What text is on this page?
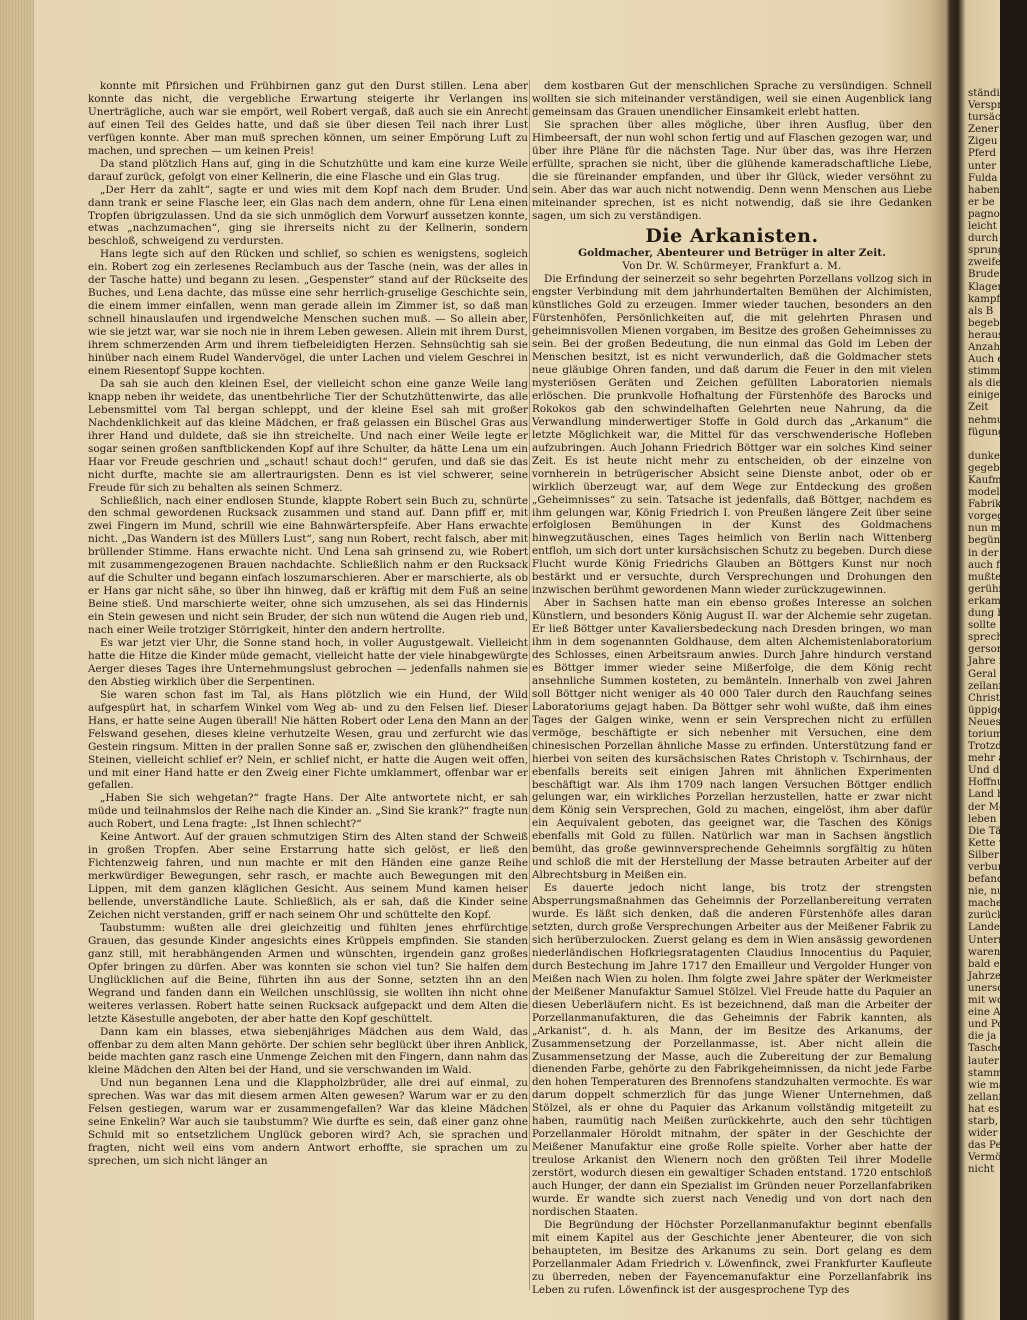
konnte mit Pfirsichen und Frühbirnen ganz gut den Durst stillen. Lena aber konnte das nicht, die vergebliche Erwartung steigerte ihr Verlangen ins Unerträgliche, auch war sie empört, weil Robert vergaß, daß auch sie ein Anrecht auf einen Teil des Geldes hatte, und daß sie über diesen Teil nach ihrer Lust verfügen konnte. Aber man muß sprechen können, um seiner Empörung Luft zu machen, und sprechen — um keinen Preis!

Da stand plötzlich Hans auf, ging in die Schutzhütte und kam eine kurze Weile darauf zurück, gefolgt von einer Kellnerin, die eine Flasche und ein Glas trug.

„Der Herr da zahlt“, sagte er und wies mit dem Kopf nach dem Bruder. Und dann trank er seine Flasche leer, ein Glas nach dem andern, ohne für Lena einen Tropfen übrigzulassen. Und da sie sich unmöglich dem Vorwurf aussetzen konnte, etwas „nachzumachen“, ging sie ihrerseits nicht zu der Kellnerin, sondern beschloß, schweigend zu verdursten.

Hans legte sich auf den Rücken und schlief, so schien es wenigstens, sogleich ein. Robert zog ein zerlesenes Reclambuch aus der Tasche (nein, was der alles in der Tasche hatte) und begann zu lesen. „Gespenster“ stand auf der Rückseite des Buches, und Lena dachte, das müsse eine sehr herrlich-gruselige Geschichte sein, die einem immer einfallen, wenn man gerade allein im Zimmer ist, so daß man schnell hinauslaufen und irgendwelche Menschen suchen muß. — So allein aber, wie sie jetzt war, war sie noch nie in ihrem Leben gewesen. Allein mit ihrem Durst, ihrem schmerzenden Arm und ihrem tiefbeleidigten Herzen. Sehnsüchtig sah sie hinüber nach einem Rudel Wandervögel, die unter Lachen und vielem Geschrei in einem Riesentopf Suppe kochten.

Da sah sie auch den kleinen Esel, der vielleicht schon eine ganze Weile lang knapp neben ihr weidete, das unentbehrliche Tier der Schutzhüttenwirte, das alle Lebensmittel vom Tal bergan schleppt, und der kleine Esel sah mit großer Nachdenklichkeit auf das kleine Mädchen, er fraß gelassen ein Büschel Gras aus ihrer Hand und duldete, daß sie ihn streichelte. Und nach einer Weile legte er sogar seinen großen sanftblickenden Kopf auf ihre Schulter, da hätte Lena um ein Haar vor Freude geschrien und „schaut! schaut doch!“ gerufen, und daß sie das nicht durfte, machte sie am allertraurigsten. Denn es ist viel schwerer, seine Freude für sich zu behalten als seinen Schmerz.

Schließlich, nach einer endlosen Stunde, klappte Robert sein Buch zu, schnürte den schmal gewordenen Rucksack zusammen und stand auf. Dann pfiff er, mit zwei Fingern im Mund, schrill wie eine Bahnwärterspfeife. Aber Hans erwachte nicht. „Das Wandern ist des Müllers Lust“, sang nun Robert, recht falsch, aber mit brüllender Stimme. Hans erwachte nicht. Und Lena sah grinsend zu, wie Robert mit zusammengezogenen Brauen nachdachte. Schließlich nahm er den Rucksack auf die Schulter und begann einfach loszumarschieren. Aber er marschierte, als ob er Hans gar nicht sähe, so über ihn hinweg, daß er kräftig mit dem Fuß an seine Beine stieß. Und marschierte weiter, ohne sich umzusehen, als sei das Hindernis ein Stein gewesen und nicht sein Bruder, der sich nun wütend die Augen rieb und, nach einer Weile trotziger Störrigkeit, hinter den andern hertrollte.

Es war jetzt vier Uhr, die Sonne stand hoch, in voller Augustgewalt. Vielleicht hatte die Hitze die Kinder müde gemacht, vielleicht hatte der viele hinabgewürgte Aerger dieses Tages ihre Unternehmungslust gebrochen — jedenfalls nahmen sie den Abstieg wirklich über die Serpentinen.

Sie waren schon fast im Tal, als Hans plötzlich wie ein Hund, der Wild aufgespürt hat, in scharfem Winkel vom Weg ab- und zu den Felsen lief. Dieser Hans, er hatte seine Augen überall! Nie hätten Robert oder Lena den Mann an der Felswand gesehen, dieses kleine verhutzelte Wesen, grau und zerfurcht wie das Gestein ringsum. Mitten in der prallen Sonne saß er, zwischen den glühendheißen Steinen, vielleicht schlief er? Nein, er schlief nicht, er hatte die Augen weit offen, und mit einer Hand hatte er den Zweig einer Fichte umklammert, offenbar war er gefallen.

„Haben Sie sich wehgetan?“ fragte Hans. Der Alte antwortete nicht, er sah müde und teilnahmslos der Reihe nach die Kinder an. „Sind Sie krank?“ fragte nun auch Robert, und Lena fragte: „Ist Ihnen schlecht?“

Keine Antwort. Auf der grauen schmutzigen Stirn des Alten stand der Schweiß in großen Tropfen. Aber seine Erstarrung hatte sich gelöst, er ließ den Fichtenzweig fahren, und nun machte er mit den Händen eine ganze Reihe merkwürdiger Bewegungen, sehr rasch, er machte auch Bewegungen mit den Lippen, mit dem ganzen kläglichen Gesicht. Aus seinem Mund kamen heiser bellende, unverständliche Laute. Schließlich, als er sah, daß die Kinder seine Zeichen nicht verstanden, griff er nach seinem Ohr und schüttelte den Kopf.

Taubstumm: wußten alle drei gleichzeitig und fühlten jenes ehrfürchtige Grauen, das gesunde Kinder angesichts eines Krüppels empfinden. Sie standen ganz still, mit herabhängenden Armen und wünschten, irgendein ganz großes Opfer bringen zu dürfen. Aber was konnten sie schon viel tun? Sie halfen dem Unglücklichen auf die Beine, führten ihn aus der Sonne, setzten ihn an den Wegrand und fanden dann ein Weilchen unschlüssig, sie wollten ihn nicht ohne weiteres verlassen. Robert hatte seinen Rucksack aufgepackt und dem Alten die letzte Käsestulle angeboten, der aber hatte den Kopf geschüttelt.

Dann kam ein blasses, etwa siebenjähriges Mädchen aus dem Wald, das offenbar zu dem alten Mann gehörte. Der schien sehr beglückt über ihren Anblick, beide machten ganz rasch eine Unmenge Zeichen mit den Fingern, dann nahm das kleine Mädchen den Alten bei der Hand, und sie verschwanden im Wald.

Und nun begannen Lena und die Klappholzbrüder, alle drei auf einmal, zu sprechen. Was war das mit diesem armen Alten gewesen? Warum war er zu den Felsen gestiegen, warum war er zusammengefallen? War das kleine Mädchen seine Enkelin? War auch sie taubstumm? Wie durfte es sein, daß einer ganz ohne Schuld mit so entsetzlichem Unglück geboren wird? Ach, sie sprachen und fragten, nicht weil eins vom andern Antwort erhoffte, sie sprachen um zu sprechen, um sich nicht länger an

dem kostbaren Gut der menschlichen Sprache zu versündigen. Schnell wollten sie sich miteinander verständigen, weil sie einen Augenblick lang gemeinsam das Grauen unendlicher Einsamkeit erlebt hatten.

Sie sprachen über alles mögliche, über ihren Ausflug, über den Himbeersaft, der nun wohl schon fertig und auf Flaschen gezogen war, und über ihre Pläne für die nächsten Tage. Nur über das, was ihre Herzen erfüllte, sprachen sie nicht, über die glühende kameradschaftliche Liebe, die sie füreinander empfanden, und über ihr Glück, wieder versöhnt zu sein. Aber das war auch nicht notwendig. Denn wenn Menschen aus Liebe miteinander sprechen, ist es nicht notwendig, daß sie ihre Gedanken sagen, um sich zu verständigen.

Die Arkanisten.

Goldmacher, Abenteurer und Betrüger in alter Zeit.

Von Dr. W. Schürmeyer, Frankfurt a. M.

Die Erfindung der seinerzeit so sehr begehrten Porzellans vollzog sich in engster Verbindung mit dem jahrhundertalten Bemühen der Alchimisten, künstliches Gold zu erzeugen. Immer wieder tauchen, besonders an den Fürstenhöfen, Persönlichkeiten auf, die mit gelehrten Phrasen und geheimnisvollen Mienen vorgaben, im Besitze des großen Geheimnisses zu sein. Bei der großen Bedeutung, die nun einmal das Gold im Leben der Menschen besitzt, ist es nicht verwunderlich, daß die Goldmacher stets neue gläubige Ohren fanden, und daß darum die Feuer in den mit vielen mysteriösen Geräten und Zeichen gefüllten Laboratorien niemals erlöschen. Die prunkvolle Hofhaltung der Fürstenhöfe des Barocks und Rokokos gab den schwindelhaften Gelehrten neue Nahrung, da die Verwandlung minderwertiger Stoffe in Gold durch das „Arkanum“ die letzte Möglichkeit war, die Mittel für das verschwenderische Hofleben aufzubringen. Auch Johann Friedrich Böttger war ein solches Kind seiner Zeit. Es ist heute nicht mehr zu entscheiden, ob der einzelne von vornherein in betrügerischer Absicht seine Dienste anbot, oder ob er wirklich überzeugt war, auf dem Wege zur Entdeckung des großen „Geheimnisses“ zu sein. Tatsache ist jedenfalls, daß Böttger, nachdem es ihm gelungen war, König Friedrich I. von Preußen längere Zeit über seine erfolglosen Bemühungen in der Kunst des Goldmachens hinwegzutäuschen, eines Tages heimlich von Berlin nach Wittenberg entfloh, um sich dort unter kursächsischen Schutz zu begeben. Durch diese Flucht wurde König Friedrichs Glauben an Böttgers Kunst nur noch bestärkt und er versuchte, durch Versprechungen und Drohungen den inzwischen berühmt gewordenen Mann wieder zurückzugewinnen.

Aber in Sachsen hatte man ein ebenso großes Interesse an solchen Künstlern, und besonders König August II. war der Alchemie sehr zugetan. Er ließ Böttger unter Kavaliersbedeckung nach Dresden bringen, wo man ihm in dem sogenannten Goldhause, dem alten Alchemistenlaboratorium des Schlosses, einen Arbeitsraum anwies. Durch Jahre hindurch verstand es Böttger immer wieder seine Mißerfolge, die dem König recht ansehnliche Summen kosteten, zu bemänteln. Innerhalb von zwei Jahren soll Böttger nicht weniger als 40 000 Taler durch den Rauchfang seines Laboratoriums gejagt haben. Da Böttger sehr wohl wußte, daß ihm eines Tages der Galgen winke, wenn er sein Versprechen nicht zu erfüllen vermöge, beschäftigte er sich nebenher mit Versuchen, eine dem chinesischen Porzellan ähnliche Masse zu erfinden. Unterstützung fand er hierbei von seiten des kursächsischen Rates Christoph v. Tschirnhaus, der ebenfalls bereits seit einigen Jahren mit ähnlichen Experimenten beschäftigt war. Als ihm 1709 nach langen Versuchen Böttger endlich gelungen war, ein wirkliches Porzellan herzustellen, hatte er zwar nicht dem König sein Versprechen, Gold zu machen, eingelöst, ihm aber dafür ein Aequivalent geboten, das geeignet war, die Taschen des Königs ebenfalls mit Gold zu füllen. Natürlich war man in Sachsen ängstlich bemüht, das große gewinnversprechende Geheimnis sorgfältig zu hüten und schloß die mit der Herstellung der Masse betrauten Arbeiter auf der Albrechtsburg in Meißen ein.

Es dauerte jedoch nicht lange, bis trotz der strengsten Absperrungsmaßnahmen das Geheimnis der Porzellanbereitung verraten wurde. Es läßt sich denken, daß die anderen Fürstenhöfe alles daran setzten, durch große Versprechungen Arbeiter aus der Meißener Fabrik zu sich herüberzulocken. Zuerst gelang es dem in Wien ansässig gewordenen niederländischen Hofkriegsratagenten Claudius Innocentius du Paquier, durch Bestechung im Jahre 1717 den Emailleur und Vergolder Hunger von Meißen nach Wien zu holen. Ihm folgte zwei Jahre später der Werkmeister der Meißener Manufaktur Samuel Stölzel. Viel Freude hatte du Paquier an diesen Ueberläufern nicht. Es ist bezeichnend, daß man die Arbeiter der Porzellanmanufakturen, die das Geheimnis der Fabrik kannten, als „Arkanist“, d. h. als Mann, der im Besitze des Arkanums, der Zusammensetzung der Porzellanmasse, ist. Aber nicht allein die Zusammensetzung der Masse, auch die Zubereitung der zur Bemalung dienenden Farbe, gehörte zu den Fabrikgeheimnissen, da nicht jede Farbe den hohen Temperaturen des Brennofens standzuhalten vermochte. Es war darum doppelt schmerzlich für das junge Wiener Unternehmen, daß Stölzel, als er ohne du Paquier das Arkanum vollständig mitgeteilt zu haben, raumütig nach Meißen zurückkehrte, auch den sehr tüchtigen Porzellanmaler Höroldt mitnahm, der später in der Geschichte der Meißener Manufaktur eine große Rolle spielte. Vorher aber hatte der treulose Arkanist den Wienern noch den größten Teil ihrer Modelle zerstört, wodurch diesen ein gewaltiger Schaden entstand. 1720 entschloß auch Hunger, der dann ein Spezialist im Gründen neuer Porzellanfabriken wurde. Er wandte sich zuerst nach Venedig und von dort nach den nordischen Staaten.

Die Begründung der Höchster Porzellanmanufaktur beginnt ebenfalls mit einem Kapitel aus der Geschichte jener Abenteurer, die von sich behaupteten, im Besitze des Arkanums zu sein. Dort gelang es dem Porzellanmaler Adam Friedrich v. Löwenfinck, zwei Frankfurter Kaufleute zu überreden, neben der Fayencemanufaktur eine Porzellanfabrik ins Leben zu rufen. Löwenfinck ist der ausgesprochene Typ des

ständi
Verspr
tursäc
Zener
Zigeu
Pferd
unter
Fulda
haben
er be
pagno
leicht
durch
sprung
zweife
Brude
Klagen
kampfe
als B
begebe
heraus
Anzahl
Auch e
stimmt
als die
einige
Zeit
nehmur
fügunge

dunkel
gegeben
Kaufman
modell
Fabrikel
vorgegat
nun meg
begünsti
in der
auch fl
mußte,
gerühn
erkam
dung be
sollte B
sprechung
gerson
Jahre flo
Geral
zellanfab
Christ
üppige
Neues
toriums.
Trotzdem
mehr als
Und doch
Hoffnung
Land bu
der Mehr
leben un
Die Tät
Kette vo
Silber fe
verbunde
befand,
nie, nur
machen,
zurück.
Landesei
Unternehm
waren, b
bald eine
Jahrzehnt
unerschü
mit wohl
eine Art
und Poli
die ja e
Tasche u
lauter Em
stammte
wie manc
zellanfab
hat es n
starb, w
wider ih
das Pech
Vermögen
nicht
